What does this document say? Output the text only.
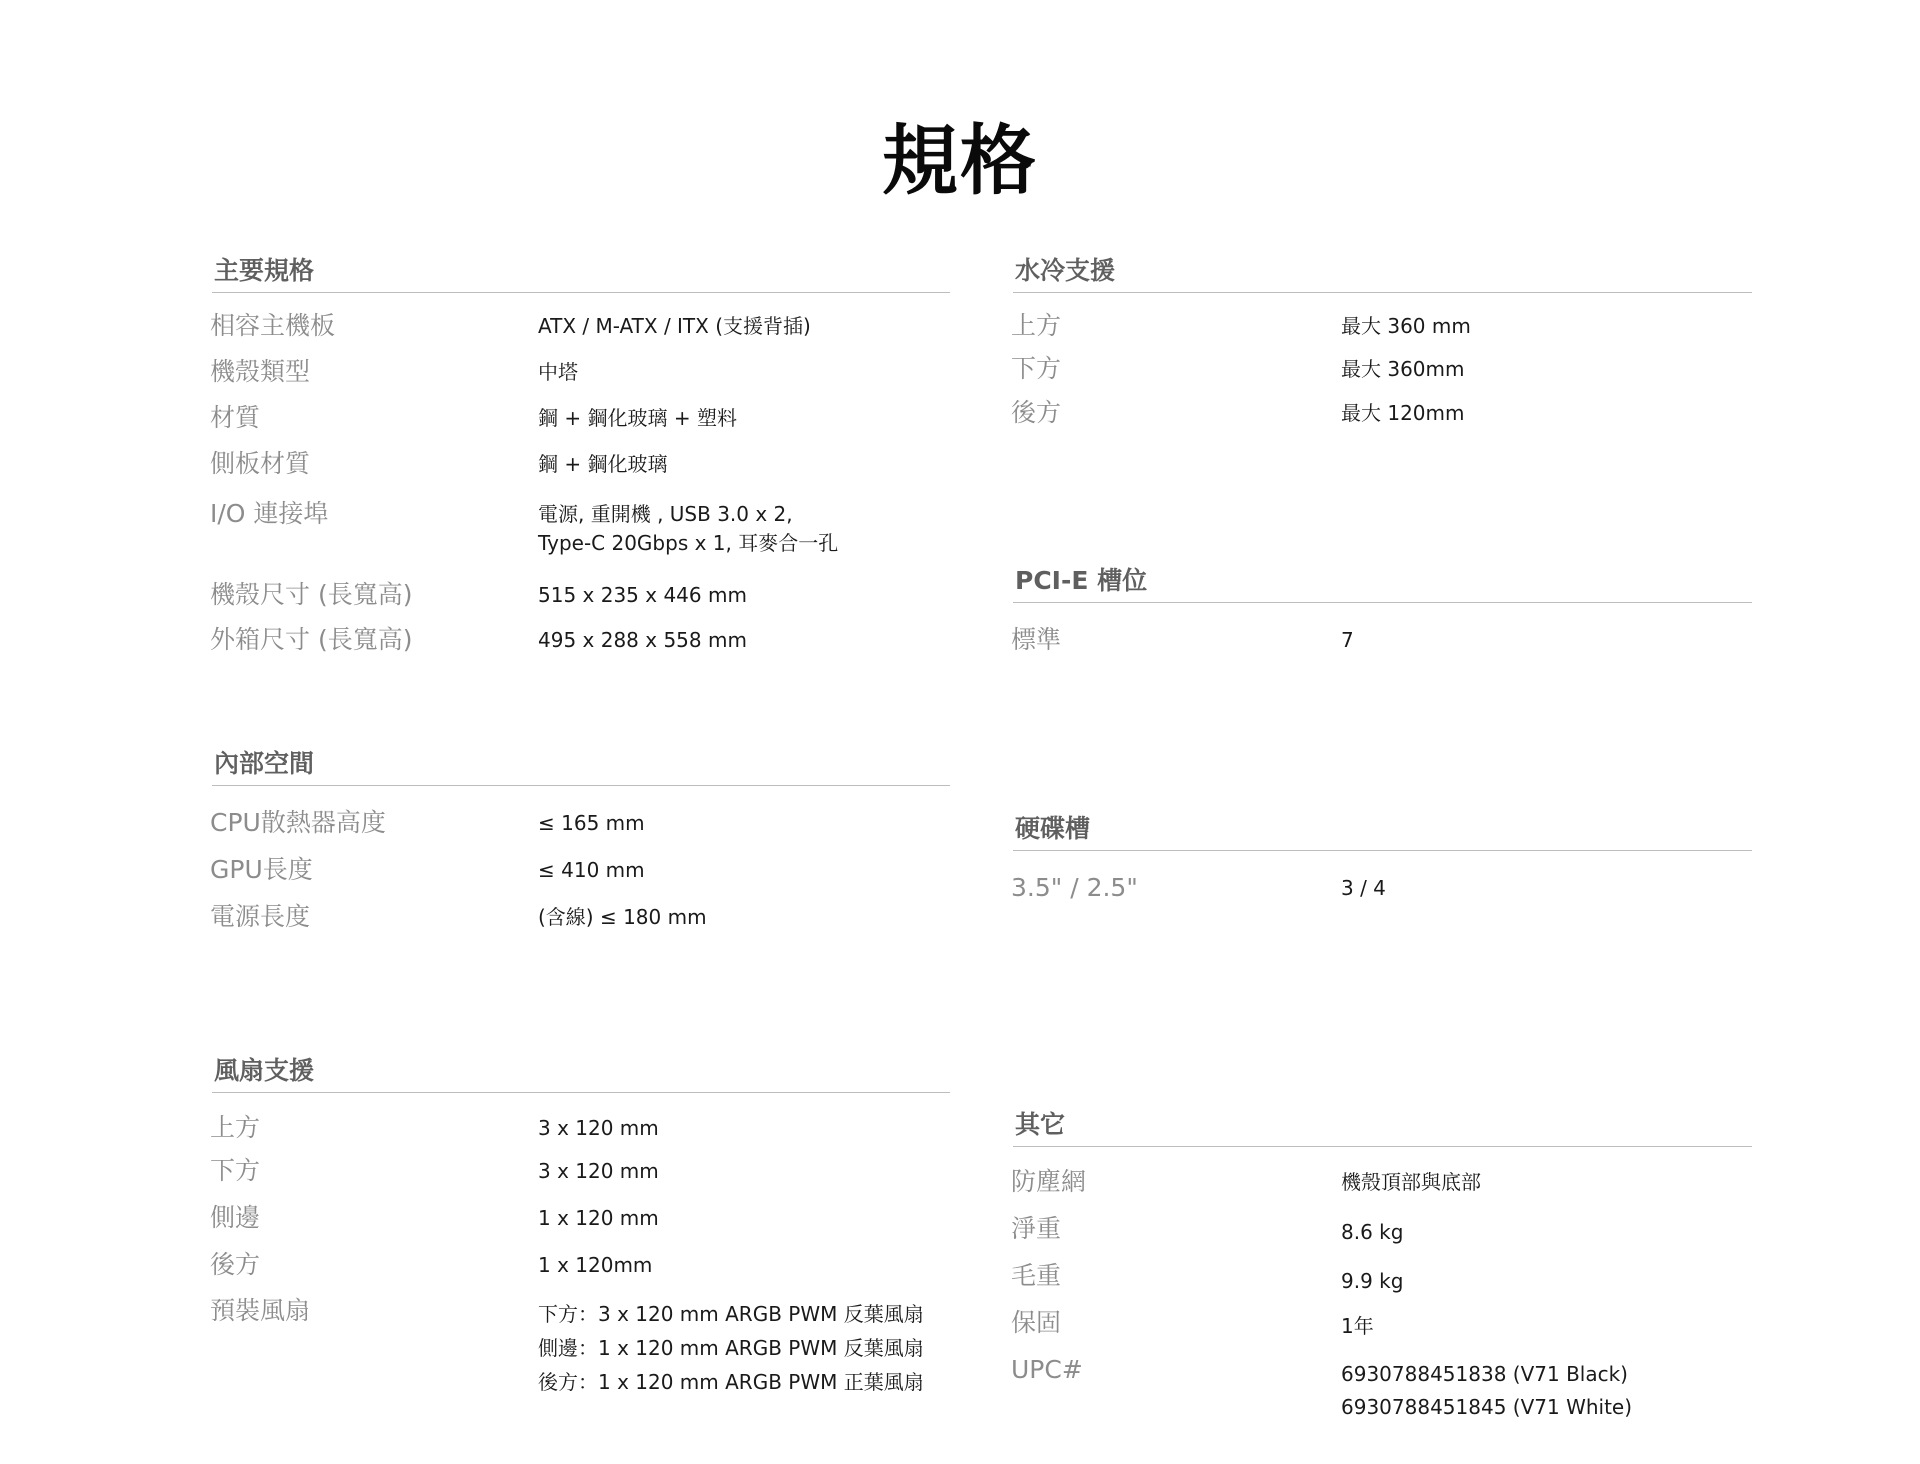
規格
主要規格
相容主機板	ATX / M-ATX / ITX (支援背插)
機殼類型	中塔
材質	鋼 + 鋼化玻璃 + 塑料
側板材質	鋼 + 鋼化玻璃
I/O 連接埠	電源, 重開機 , USB 3.0 x 2,
Type-C 20Gbps x 1, 耳麥合一孔
機殼尺寸 (長寬高)	515 x 235 x 446 mm
外箱尺寸 (長寬高)	495 x 288 x 558 mm
內部空間
CPU散熱器高度	≤ 165 mm
GPU長度	≤ 410 mm
電源長度	(含線) ≤ 180 mm
風扇支援
上方	3 x 120 mm
下方	3 x 120 mm
側邊	1 x 120 mm
後方	1 x 120mm
預裝風扇	下方：3 x 120 mm ARGB PWM 反葉風扇
側邊：1 x 120 mm ARGB PWM 反葉風扇
後方：1 x 120 mm ARGB PWM 正葉風扇
水冷支援
上方	最大 360 mm
下方	最大 360mm
後方	最大 120mm
PCI-E 槽位
標準	7
硬碟槽
3.5" / 2.5"	3 / 4
其它
防塵網	機殼頂部與底部
淨重	8.6 kg
毛重	9.9 kg
保固	1年
UPC#	6930788451838 (V71 Black)
6930788451845 (V71 White)
